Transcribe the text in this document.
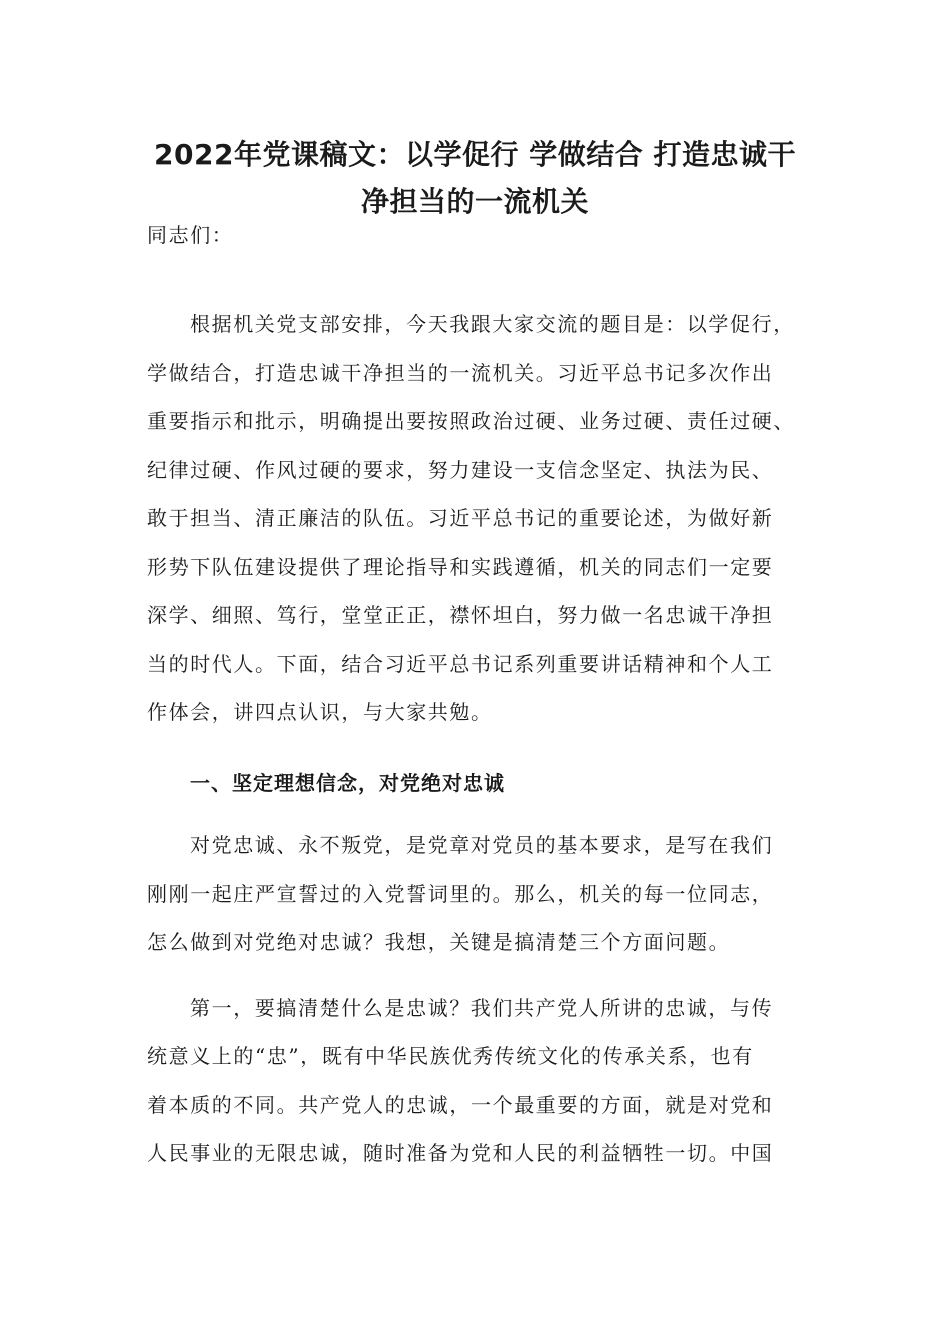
2022年党课稿文：以学促行 学做结合 打造忠诚干
净担当的一流机关
同志们：
根据机关党支部安排，今天我跟大家交流的题目是：以学促行，
学做结合，打造忠诚干净担当的一流机关。习近平总书记多次作出
重要指示和批示，明确提出要按照政治过硬、业务过硬、责任过硬、
纪律过硬、作风过硬的要求，努力建设一支信念坚定、执法为民、
敢于担当、清正廉洁的队伍。习近平总书记的重要论述，为做好新
形势下队伍建设提供了理论指导和实践遵循，机关的同志们一定要
深学、细照、笃行，堂堂正正，襟怀坦白，努力做一名忠诚干净担
当的时代人。下面，结合习近平总书记系列重要讲话精神和个人工
作体会，讲四点认识，与大家共勉。
一、坚定理想信念，对党绝对忠诚
对党忠诚、永不叛党，是党章对党员的基本要求，是写在我们
刚刚一起庄严宣誓过的入党誓词里的。那么，机关的每一位同志，
怎么做到对党绝对忠诚？我想，关键是搞清楚三个方面问题。
第一，要搞清楚什么是忠诚？我们共产党人所讲的忠诚，与传
统意义上的“忠”，既有中华民族优秀传统文化的传承关系，也有
着本质的不同。共产党人的忠诚，一个最重要的方面，就是对党和
人民事业的无限忠诚，随时准备为党和人民的利益牺牲一切。中国
